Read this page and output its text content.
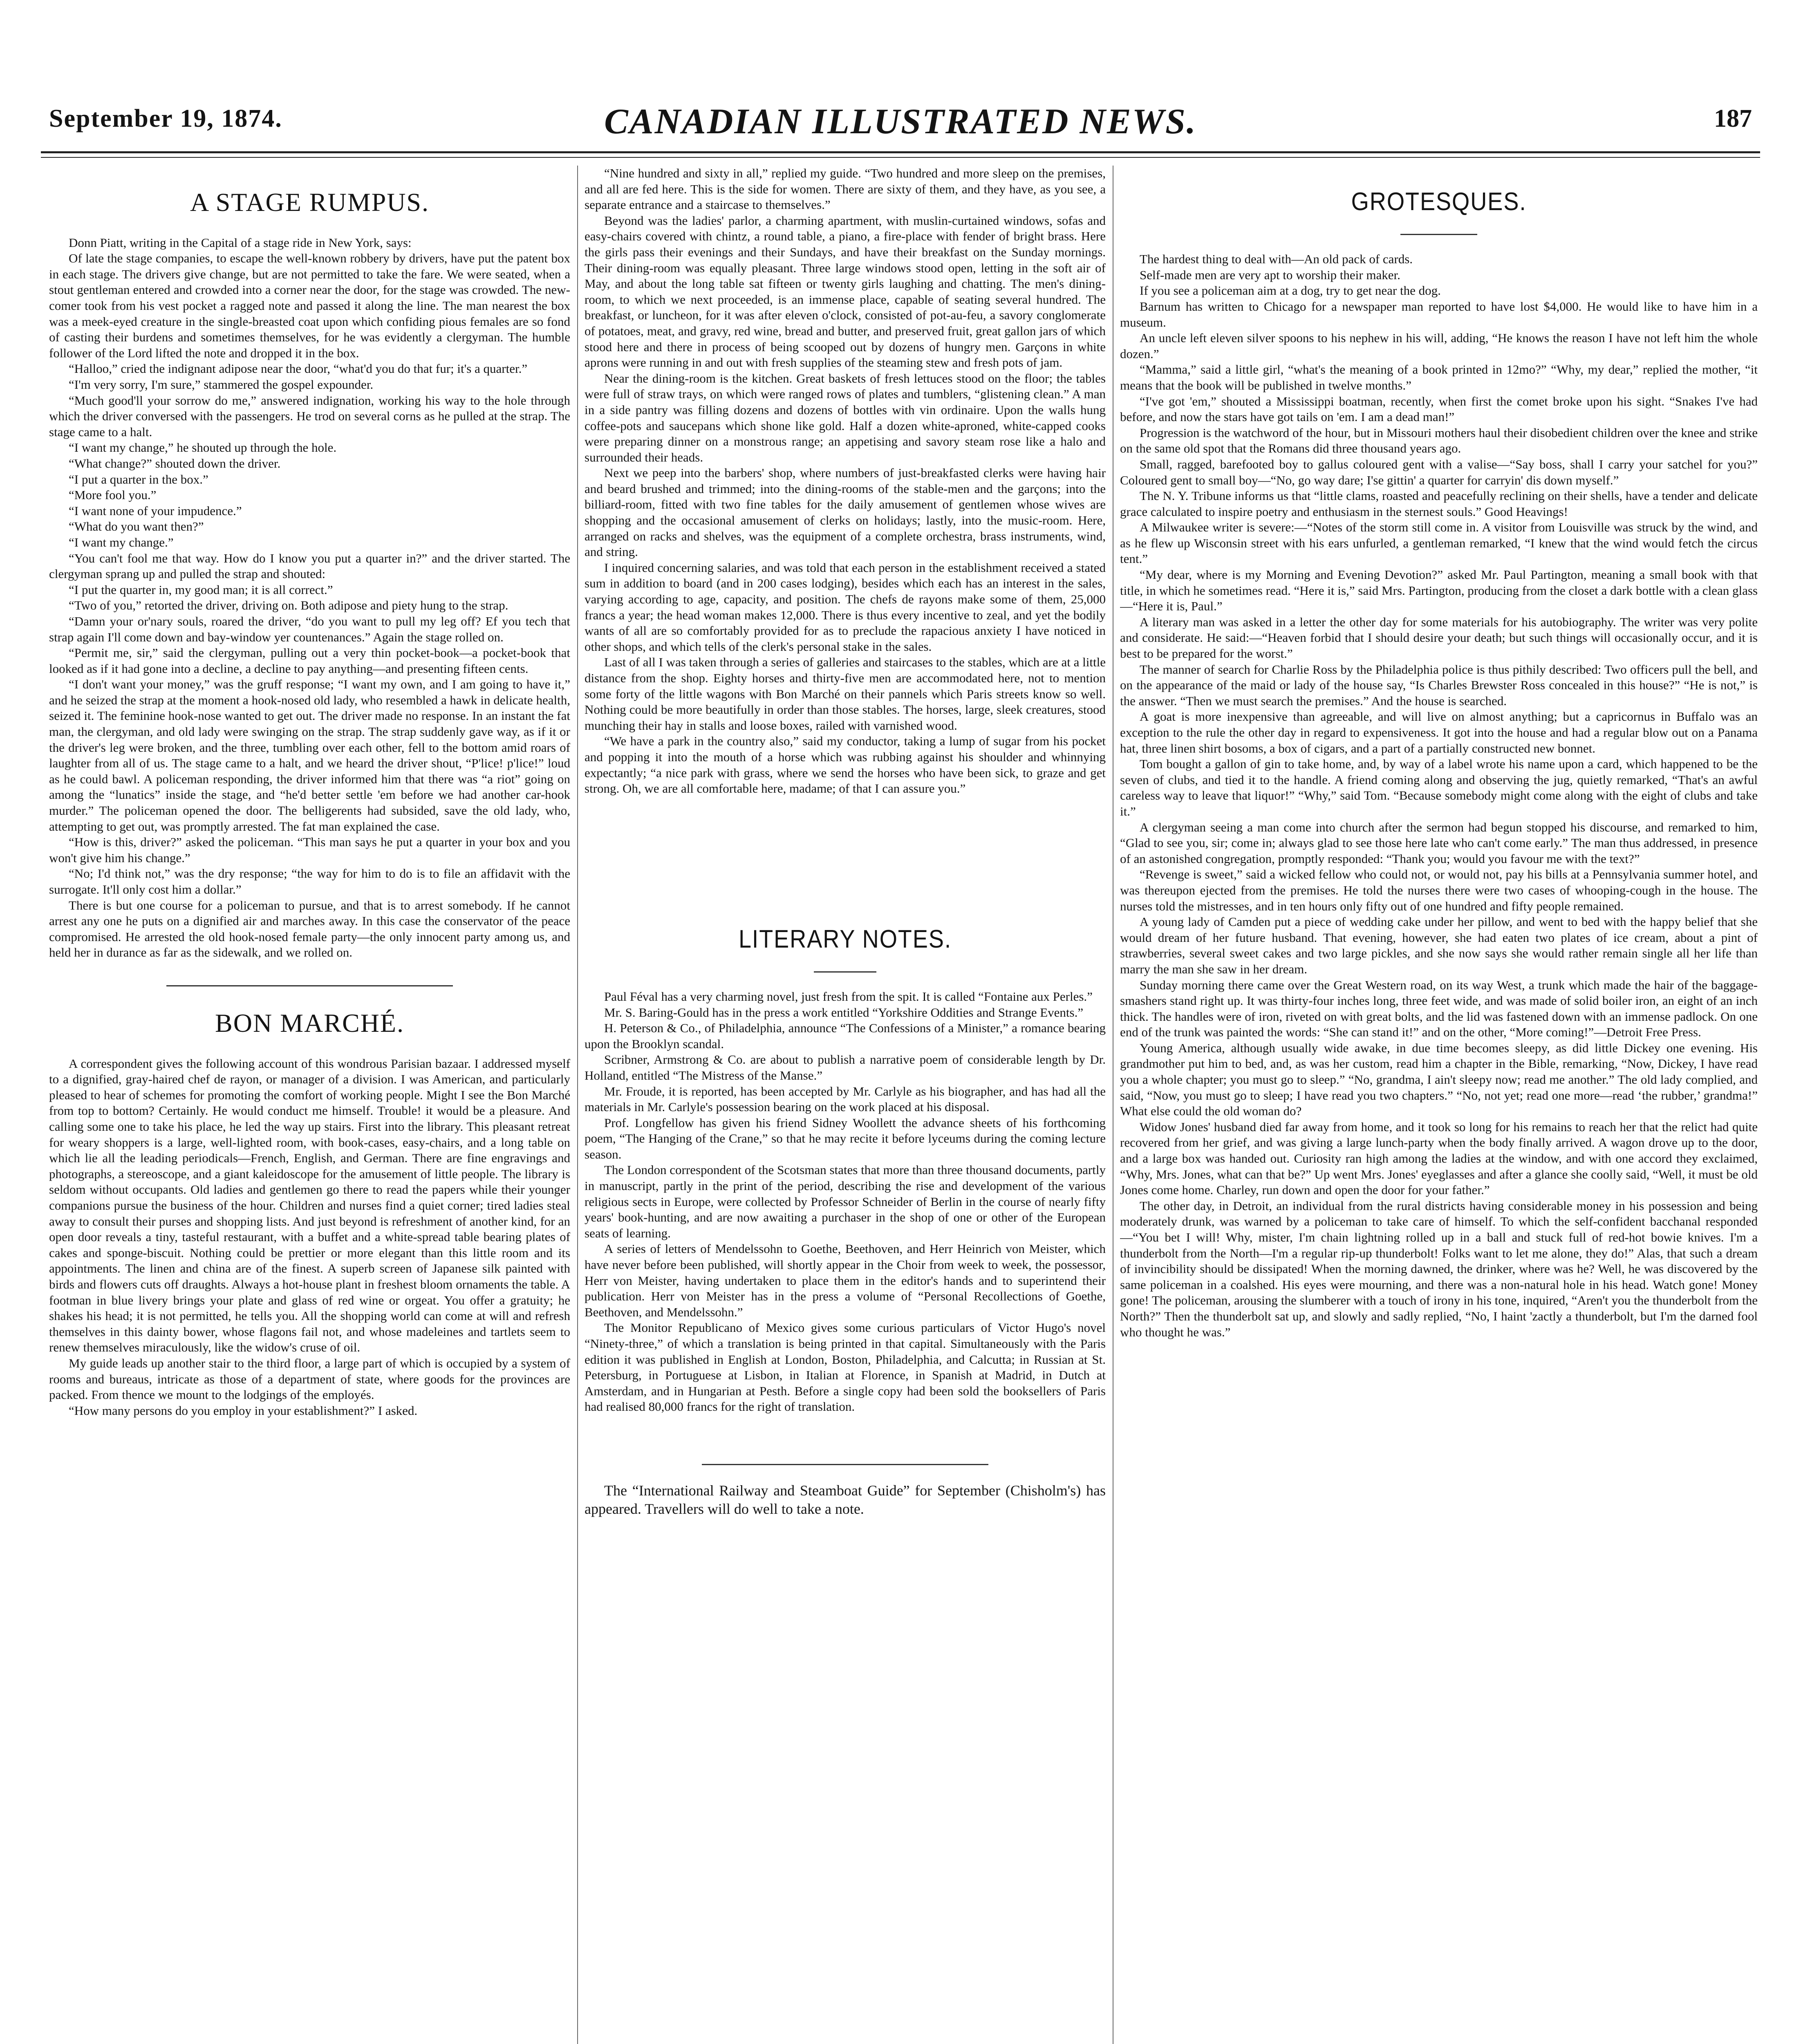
September 19, 1874.	CANADIAN ILLUSTRATED NEWS.	187
A STAGE RUMPUS.
Donn Piatt, writing in the Capital of a stage ride in New York, says:

Of late the stage companies, to escape the well-known robbery by drivers, have put the patent box in each stage. The drivers give change, but are not permitted to take the fare. We were seated, when a stout gentleman entered and crowded into a corner near the door, for the stage was crowded. The new-comer took from his vest pocket a ragged note and passed it along the line. The man nearest the box was a meek-eyed creature in the single-breasted coat upon which confiding pious females are so fond of casting their burdens and sometimes themselves, for he was evidently a clergyman. The humble follower of the Lord lifted the note and dropped it in the box.

“Halloo,” cried the indignant adipose near the door, “what'd you do that fur; it's a quarter.”

“I'm very sorry, I'm sure,” stammered the gospel expounder.

“Much good'll your sorrow do me,” answered indignation, working his way to the hole through which the driver conversed with the passengers. He trod on several corns as he pulled at the strap. The stage came to a halt.

“I want my change,” he shouted up through the hole.

“What change?” shouted down the driver.

“I put a quarter in the box.”

“More fool you.”

“I want none of your impudence.”

“What do you want then?”

“I want my change.”

“You can't fool me that way. How do I know you put a quarter in?” and the driver started. The clergyman sprang up and pulled the strap and shouted:

“I put the quarter in, my good man; it is all correct.”

“Two of you,” retorted the driver, driving on. Both adipose and piety hung to the strap.

“Damn your or'nary souls, roared the driver, “do you want to pull my leg off? Ef you tech that strap again I'll come down and bay-window yer countenances.” Again the stage rolled on.

“Permit me, sir,” said the clergyman, pulling out a very thin pocket-book—a pocket-book that looked as if it had gone into a decline, a decline to pay anything—and presenting fifteen cents.

“I don't want your money,” was the gruff response; “I want my own, and I am going to have it,” and he seized the strap at the moment a hook-nosed old lady, who resembled a hawk in delicate health, seized it. The feminine hook-nose wanted to get out. The driver made no response. In an instant the fat man, the clergyman, and old lady were swinging on the strap. The strap suddenly gave way, as if it or the driver's leg were broken, and the three, tumbling over each other, fell to the bottom amid roars of laughter from all of us. The stage came to a halt, and we heard the driver shout, “P'lice! p'lice!” loud as he could bawl. A policeman responding, the driver informed him that there was “a riot” going on among the “lunatics” inside the stage, and “he'd better settle 'em before we had another car-hook murder.” The policeman opened the door. The belligerents had subsided, save the old lady, who, attempting to get out, was promptly arrested. The fat man explained the case.

“How is this, driver?” asked the policeman. “This man says he put a quarter in your box and you won't give him his change.”

“No; I'd think not,” was the dry response; “the way for him to do is to file an affidavit with the surrogate. It'll only cost him a dollar.”

There is but one course for a policeman to pursue, and that is to arrest somebody. If he cannot arrest any one he puts on a dignified air and marches away. In this case the conservator of the peace compromised. He arrested the old hook-nosed female party—the only innocent party among us, and held her in durance as far as the sidewalk, and we rolled on.

BON MARCHÉ.

A correspondent gives the following account of this wondrous Parisian bazaar. I addressed myself to a dignified, gray-haired chef de rayon, or manager of a division. I was American, and particularly pleased to hear of schemes for promoting the comfort of working people. Might I see the Bon Marché from top to bottom? Certainly. He would conduct me himself. Trouble! it would be a pleasure. And calling some one to take his place, he led the way up stairs. First into the library. This pleasant retreat for weary shoppers is a large, well-lighted room, with book-cases, easy-chairs, and a long table on which lie all the leading periodicals—French, English, and German. There are fine engravings and photographs, a stereoscope, and a giant kaleidoscope for the amusement of little people. The library is seldom without occupants. Old ladies and gentlemen go there to read the papers while their younger companions pursue the business of the hour. Children and nurses find a quiet corner; tired ladies steal away to consult their purses and shopping lists. And just beyond is refreshment of another kind, for an open door reveals a tiny, tasteful restaurant, with a buffet and a white-spread table bearing plates of cakes and sponge-biscuit. Nothing could be prettier or more elegant than this little room and its appointments. The linen and china are of the finest. A superb screen of Japanese silk painted with birds and flowers cuts off draughts. Always a hot-house plant in freshest bloom ornaments the table. A footman in blue livery brings your plate and glass of red wine or orgeat. You offer a gratuity; he shakes his head; it is not permitted, he tells you. All the shopping world can come at will and refresh themselves in this dainty bower, whose flagons fail not, and whose madeleines and tartlets seem to renew themselves miraculously, like the widow's cruse of oil.

My guide leads up another stair to the third floor, a large part of which is occupied by a system of rooms and bureaus, intricate as those of a department of state, where goods for the provinces are packed. From thence we mount to the lodgings of the employés.

“How many persons do you employ in your establishment?” I asked.

“Nine hundred and sixty in all,” replied my guide. “Two hundred and more sleep on the premises, and all are fed here. This is the side for women. There are sixty of them, and they have, as you see, a separate entrance and a staircase to themselves.”

Beyond was the ladies' parlor, a charming apartment, with muslin-curtained windows, sofas and easy-chairs covered with chintz, a round table, a piano, a fire-place with fender of bright brass. Here the girls pass their evenings and their Sundays, and have their breakfast on the Sunday mornings. Their dining-room was equally pleasant. Three large windows stood open, letting in the soft air of May, and about the long table sat fifteen or twenty girls laughing and chatting. The men's dining-room, to which we next proceeded, is an immense place, capable of seating several hundred. The breakfast, or luncheon, for it was after eleven o'clock, consisted of pot-au-feu, a savory conglomerate of potatoes, meat, and gravy, red wine, bread and butter, and preserved fruit, great gallon jars of which stood here and there in process of being scooped out by dozens of hungry men. Garçons in white aprons were running in and out with fresh supplies of the steaming stew and fresh pots of jam.

Near the dining-room is the kitchen. Great baskets of fresh lettuces stood on the floor; the tables were full of straw trays, on which were ranged rows of plates and tumblers, “glistening clean.” A man in a side pantry was filling dozens and dozens of bottles with vin ordinaire. Upon the walls hung coffee-pots and saucepans which shone like gold. Half a dozen white-aproned, white-capped cooks were preparing dinner on a monstrous range; an appetising and savory steam rose like a halo and surrounded their heads.

Next we peep into the barbers' shop, where numbers of just-breakfasted clerks were having hair and beard brushed and trimmed; into the dining-rooms of the stable-men and the garçons; into the billiard-room, fitted with two fine tables for the daily amusement of gentlemen whose wives are shopping and the occasional amusement of clerks on holidays; lastly, into the music-room. Here, arranged on racks and shelves, was the equipment of a complete orchestra, brass instruments, wind, and string.

I inquired concerning salaries, and was told that each person in the establishment received a stated sum in addition to board (and in 200 cases lodging), besides which each has an interest in the sales, varying according to age, capacity, and position. The chefs de rayons make some of them, 25,000 francs a year; the head woman makes 12,000. There is thus every incentive to zeal, and yet the bodily wants of all are so comfortably provided for as to preclude the rapacious anxiety I have noticed in other shops, and which tells of the clerk's personal stake in the sales.

Last of all I was taken through a series of galleries and staircases to the stables, which are at a little distance from the shop. Eighty horses and thirty-five men are accommodated here, not to mention some forty of the little wagons with Bon Marché on their pannels which Paris streets know so well. Nothing could be more beautifully in order than those stables. The horses, large, sleek creatures, stood munching their hay in stalls and loose boxes, railed with varnished wood.

“We have a park in the country also,” said my conductor, taking a lump of sugar from his pocket and popping it into the mouth of a horse which was rubbing against his shoulder and whinnying expectantly; “a nice park with grass, where we send the horses who have been sick, to graze and get strong. Oh, we are all comfortable here, madame; of that I can assure you.”

LITERARY NOTES.

Paul Féval has a very charming novel, just fresh from the spit. It is called “Fontaine aux Perles.”

Mr. S. Baring-Gould has in the press a work entitled “Yorkshire Oddities and Strange Events.”

H. Peterson & Co., of Philadelphia, announce “The Confessions of a Minister,” a romance bearing upon the Brooklyn scandal.

Scribner, Armstrong & Co. are about to publish a narrative poem of considerable length by Dr. Holland, entitled “The Mistress of the Manse.”

Mr. Froude, it is reported, has been accepted by Mr. Carlyle as his biographer, and has had all the materials in Mr. Carlyle's possession bearing on the work placed at his disposal.

Prof. Longfellow has given his friend Sidney Woollett the advance sheets of his forthcoming poem, “The Hanging of the Crane,” so that he may recite it before lyceums during the coming lecture season.

The London correspondent of the Scotsman states that more than three thousand documents, partly in manuscript, partly in the print of the period, describing the rise and development of the various religious sects in Europe, were collected by Professor Schneider of Berlin in the course of nearly fifty years' book-hunting, and are now awaiting a purchaser in the shop of one or other of the European seats of learning.

A series of letters of Mendelssohn to Goethe, Beethoven, and Herr Heinrich von Meister, which have never before been published, will shortly appear in the Choir from week to week, the possessor, Herr von Meister, having undertaken to place them in the editor's hands and to superintend their publication. Herr von Meister has in the press a volume of “Personal Recollections of Goethe, Beethoven, and Mendelssohn.”

The Monitor Republicano of Mexico gives some curious particulars of Victor Hugo's novel “Ninety-three,” of which a translation is being printed in that capital. Simultaneously with the Paris edition it was published in English at London, Boston, Philadelphia, and Calcutta; in Russian at St. Petersburg, in Portuguese at Lisbon, in Italian at Florence, in Spanish at Madrid, in Dutch at Amsterdam, and in Hungarian at Pesth. Before a single copy had been sold the booksellers of Paris had realised 80,000 francs for the right of translation.

The “International Railway and Steamboat Guide” for September (Chisholm's) has appeared. Travellers will do well to take a note.

GROTESQUES.

The hardest thing to deal with—An old pack of cards.

Self-made men are very apt to worship their maker.

If you see a policeman aim at a dog, try to get near the dog.

Barnum has written to Chicago for a newspaper man reported to have lost $4,000. He would like to have him in a museum.

An uncle left eleven silver spoons to his nephew in his will, adding, “He knows the reason I have not left him the whole dozen.”

“Mamma,” said a little girl, “what's the meaning of a book printed in 12mo?” “Why, my dear,” replied the mother, “it means that the book will be published in twelve months.”

“I've got 'em,” shouted a Mississippi boatman, recently, when first the comet broke upon his sight. “Snakes I've had before, and now the stars have got tails on 'em. I am a dead man!”

Progression is the watchword of the hour, but in Missouri mothers haul their disobedient children over the knee and strike on the same old spot that the Romans did three thousand years ago.

Small, ragged, barefooted boy to gallus coloured gent with a valise—“Say boss, shall I carry your satchel for you?” Coloured gent to small boy—“No, go way dare; I'se gittin' a quarter for carryin' dis down myself.”

The N. Y. Tribune informs us that “little clams, roasted and peacefully reclining on their shells, have a tender and delicate grace calculated to inspire poetry and enthusiasm in the sternest souls.” Good Heavings!

A Milwaukee writer is severe:—“Notes of the storm still come in. A visitor from Louisville was struck by the wind, and as he flew up Wisconsin street with his ears unfurled, a gentleman remarked, “I knew that the wind would fetch the circus tent.”

“My dear, where is my Morning and Evening Devotion?” asked Mr. Paul Partington, meaning a small book with that title, in which he sometimes read. “Here it is,” said Mrs. Partington, producing from the closet a dark bottle with a clean glass—“Here it is, Paul.”

A literary man was asked in a letter the other day for some materials for his autobiography. The writer was very polite and considerate. He said:—“Heaven forbid that I should desire your death; but such things will occasionally occur, and it is best to be prepared for the worst.”

The manner of search for Charlie Ross by the Philadelphia police is thus pithily described: Two officers pull the bell, and on the appearance of the maid or lady of the house say, “Is Charles Brewster Ross concealed in this house?” “He is not,” is the answer. “Then we must search the premises.” And the house is searched.

A goat is more inexpensive than agreeable, and will live on almost anything; but a capricornus in Buffalo was an exception to the rule the other day in regard to expensiveness. It got into the house and had a regular blow out on a Panama hat, three linen shirt bosoms, a box of cigars, and a part of a partially constructed new bonnet.

Tom bought a gallon of gin to take home, and, by way of a label wrote his name upon a card, which happened to be the seven of clubs, and tied it to the handle. A friend coming along and observing the jug, quietly remarked, “That's an awful careless way to leave that liquor!” “Why,” said Tom. “Because somebody might come along with the eight of clubs and take it.”

A clergyman seeing a man come into church after the sermon had begun stopped his discourse, and remarked to him, “Glad to see you, sir; come in; always glad to see those here late who can't come early.” The man thus addressed, in presence of an astonished congregation, promptly responded: “Thank you; would you favour me with the text?”

“Revenge is sweet,” said a wicked fellow who could not, or would not, pay his bills at a Pennsylvania summer hotel, and was thereupon ejected from the premises. He told the nurses there were two cases of whooping-cough in the house. The nurses told the mistresses, and in ten hours only fifty out of one hundred and fifty people remained.

A young lady of Camden put a piece of wedding cake under her pillow, and went to bed with the happy belief that she would dream of her future husband. That evening, however, she had eaten two plates of ice cream, about a pint of strawberries, several sweet cakes and two large pickles, and she now says she would rather remain single all her life than marry the man she saw in her dream.

Sunday morning there came over the Great Western road, on its way West, a trunk which made the hair of the baggage-smashers stand right up. It was thirty-four inches long, three feet wide, and was made of solid boiler iron, an eight of an inch thick. The handles were of iron, riveted on with great bolts, and the lid was fastened down with an immense padlock. On one end of the trunk was painted the words: “She can stand it!” and on the other, “More coming!”—Detroit Free Press.

Young America, although usually wide awake, in due time becomes sleepy, as did little Dickey one evening. His grandmother put him to bed, and, as was her custom, read him a chapter in the Bible, remarking, “Now, Dickey, I have read you a whole chapter; you must go to sleep.” “No, grandma, I ain't sleepy now; read me another.” The old lady complied, and said, “Now, you must go to sleep; I have read you two chapters.” “No, not yet; read one more—read ‘the rubber,’ grandma!” What else could the old woman do?

Widow Jones' husband died far away from home, and it took so long for his remains to reach her that the relict had quite recovered from her grief, and was giving a large lunch-party when the body finally arrived. A wagon drove up to the door, and a large box was handed out. Curiosity ran high among the ladies at the window, and with one accord they exclaimed, “Why, Mrs. Jones, what can that be?” Up went Mrs. Jones' eyeglasses and after a glance she coolly said, “Well, it must be old Jones come home. Charley, run down and open the door for your father.”

The other day, in Detroit, an individual from the rural districts having considerable money in his possession and being moderately drunk, was warned by a policeman to take care of himself. To which the self-confident bacchanal responded —“You bet I will! Why, mister, I'm chain lightning rolled up in a ball and stuck full of red-hot bowie knives. I'm a thunderbolt from the North—I'm a regular rip-up thunderbolt! Folks want to let me alone, they do!” Alas, that such a dream of invincibility should be dissipated! When the morning dawned, the drinker, where was he? Well, he was discovered by the same policeman in a coalshed. His eyes were mourning, and there was a non-natural hole in his head. Watch gone! Money gone! The policeman, arousing the slumberer with a touch of irony in his tone, inquired, “Aren't you the thunderbolt from the North?” Then the thunderbolt sat up, and slowly and sadly replied, “No, I haint 'zactly a thunderbolt, but I'm the darned fool who thought he was.”
